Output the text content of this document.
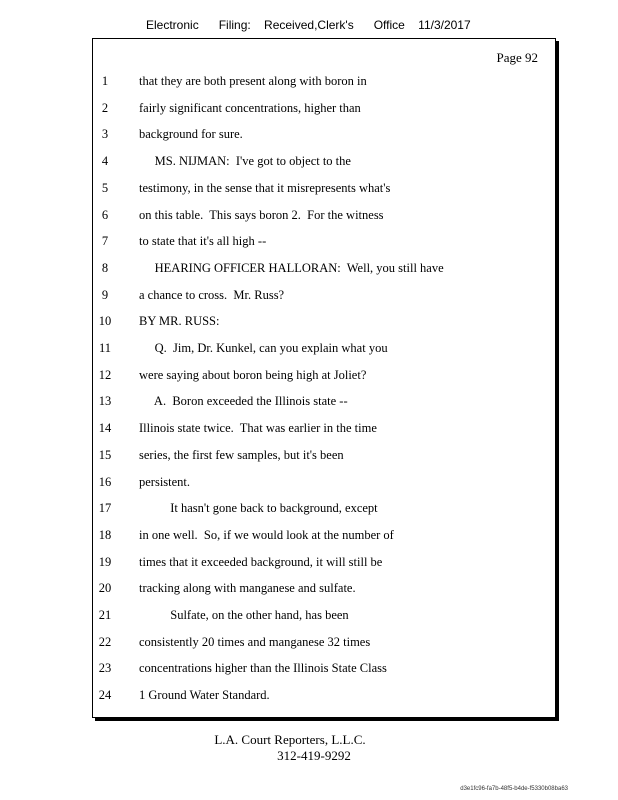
Electronic      Filing:    Received,Clerk's      Office    11/3/2017
Page 92
1	that they are both present along with boron in
2	fairly significant concentrations, higher than
3	background for sure.
4	MS. NIJMAN:  I've got to object to the
5	testimony, in the sense that it misrepresents what's
6	on this table.  This says boron 2.  For the witness
7	to state that it's all high --
8	HEARING OFFICER HALLORAN:  Well, you still have
9	a chance to cross.  Mr. Russ?
10 BY MR. RUSS:
11 Q.  Jim, Dr. Kunkel, can you explain what you
12 were saying about boron being high at Joliet?
13 A.  Boron exceeded the Illinois state --
14 Illinois state twice.  That was earlier in the time
15 series, the first few samples, but it's been
16 persistent.
17 It hasn't gone back to background, except
18 in one well.  So, if we would look at the number of
19 times that it exceeded background, it will still be
20 tracking along with manganese and sulfate.
21 Sulfate, on the other hand, has been
22 consistently 20 times and manganese 32 times
23 concentrations higher than the Illinois State Class
24 1 Ground Water Standard.
L.A. Court Reporters, L.L.C.
312-419-9292
d3e1fc96-fa7b-48f5-b4de-f5330b08ba63
